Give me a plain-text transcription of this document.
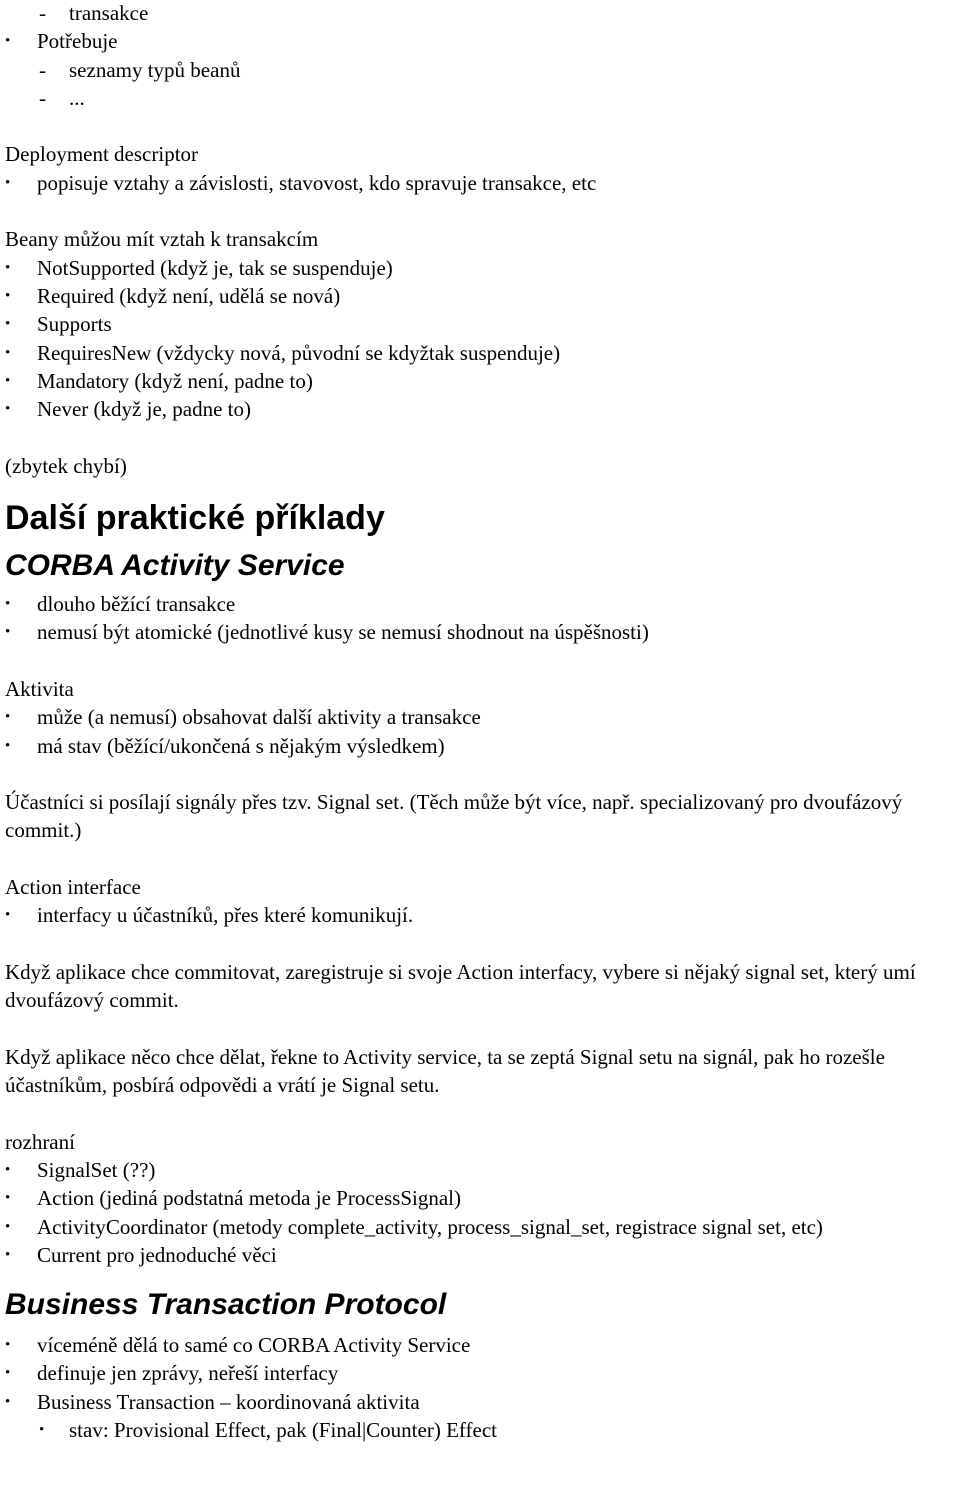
- transakce
• Potřebuje
- seznamy typů beanů
- ...
Deployment descriptor
• popisuje vztahy a závislosti, stavovost, kdo spravuje transakce, etc
Beany můžou mít vztah k transakcím
• NotSupported (když je, tak se suspenduje)
• Required (když není, udělá se nová)
• Supports
• RequiresNew (vždycky nová, původní se kdyžtak suspenduje)
• Mandatory (když není, padne to)
• Never (když je, padne to)
(zbytek chybí)
Další praktické příklady
CORBA Activity Service
• dlouho běžící transakce
• nemusí být atomické (jednotlivé kusy se nemusí shodnout na úspěšnosti)
Aktivita
• může (a nemusí) obsahovat další aktivity a transakce
• má stav (běžící/ukončená s nějakým výsledkem)
Účastníci si posílají signály přes tzv. Signal set. (Těch může být více, např. specializovaný pro dvoufázový commit.)
Action interface
• interfacy u účastníků, přes které komunikují.
Když aplikace chce commitovat, zaregistruje si svoje Action interfacy, vybere si nějaký signal set, který umí dvoufázový commit.
Když aplikace něco chce dělat, řekne to Activity service, ta se zeptá Signal setu na signál, pak ho rozešle účastníkům, posbírá odpovědi a vrátí je Signal setu.
rozhraní
• SignalSet (??)
• Action (jediná podstatná metoda je ProcessSignal)
• ActivityCoordinator (metody complete_activity, process_signal_set, registrace signal set, etc)
• Current pro jednoduché věci
Business Transaction Protocol
• víceméně dělá to samé co CORBA Activity Service
• definuje jen zprávy, neřeší interfacy
• Business Transaction – koordinovaná aktivita
• stav: Provisional Effect, pak (Final|Counter) Effect
